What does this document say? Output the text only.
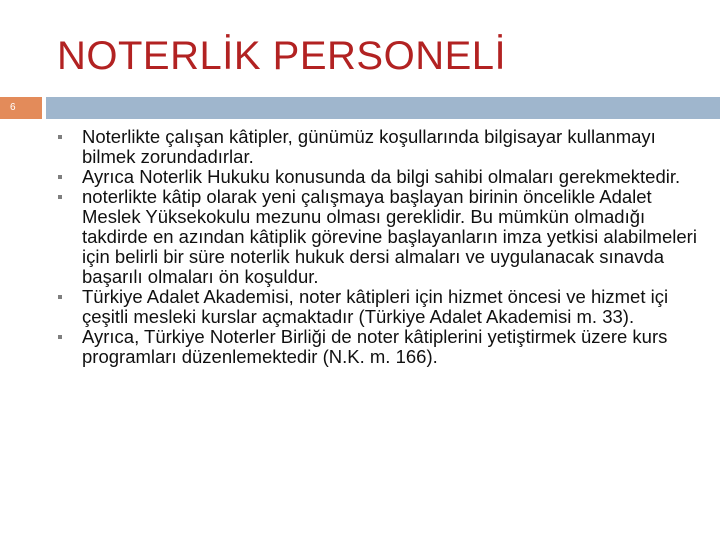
NOTERLİK PERSONELİ
6
Noterlikte çalışan kâtipler, günümüz koşullarında bilgisayar kullanmayı bilmek zorundadırlar.
Ayrıca Noterlik Hukuku konusunda da bilgi sahibi olmaları gerekmektedir.
noterlikte kâtip olarak yeni çalışmaya başlayan birinin öncelikle Adalet Meslek Yüksekokulu mezunu olması gereklidir. Bu mümkün olmadığı takdirde en azından kâtiplik görevine başlayanların imza yetkisi alabilmeleri için belirli bir süre noterlik hukuk dersi almaları ve uygulanacak sınavda başarılı olmaları ön koşuldur.
Türkiye Adalet Akademisi, noter kâtipleri için hizmet öncesi ve hizmet içi çeşitli mesleki kurslar açmaktadır (Türkiye Adalet Akademisi m. 33).
Ayrıca, Türkiye Noterler Birliği de noter kâtiplerini yetiştirmek üzere kurs programları düzenlemektedir (N.K. m. 166).
